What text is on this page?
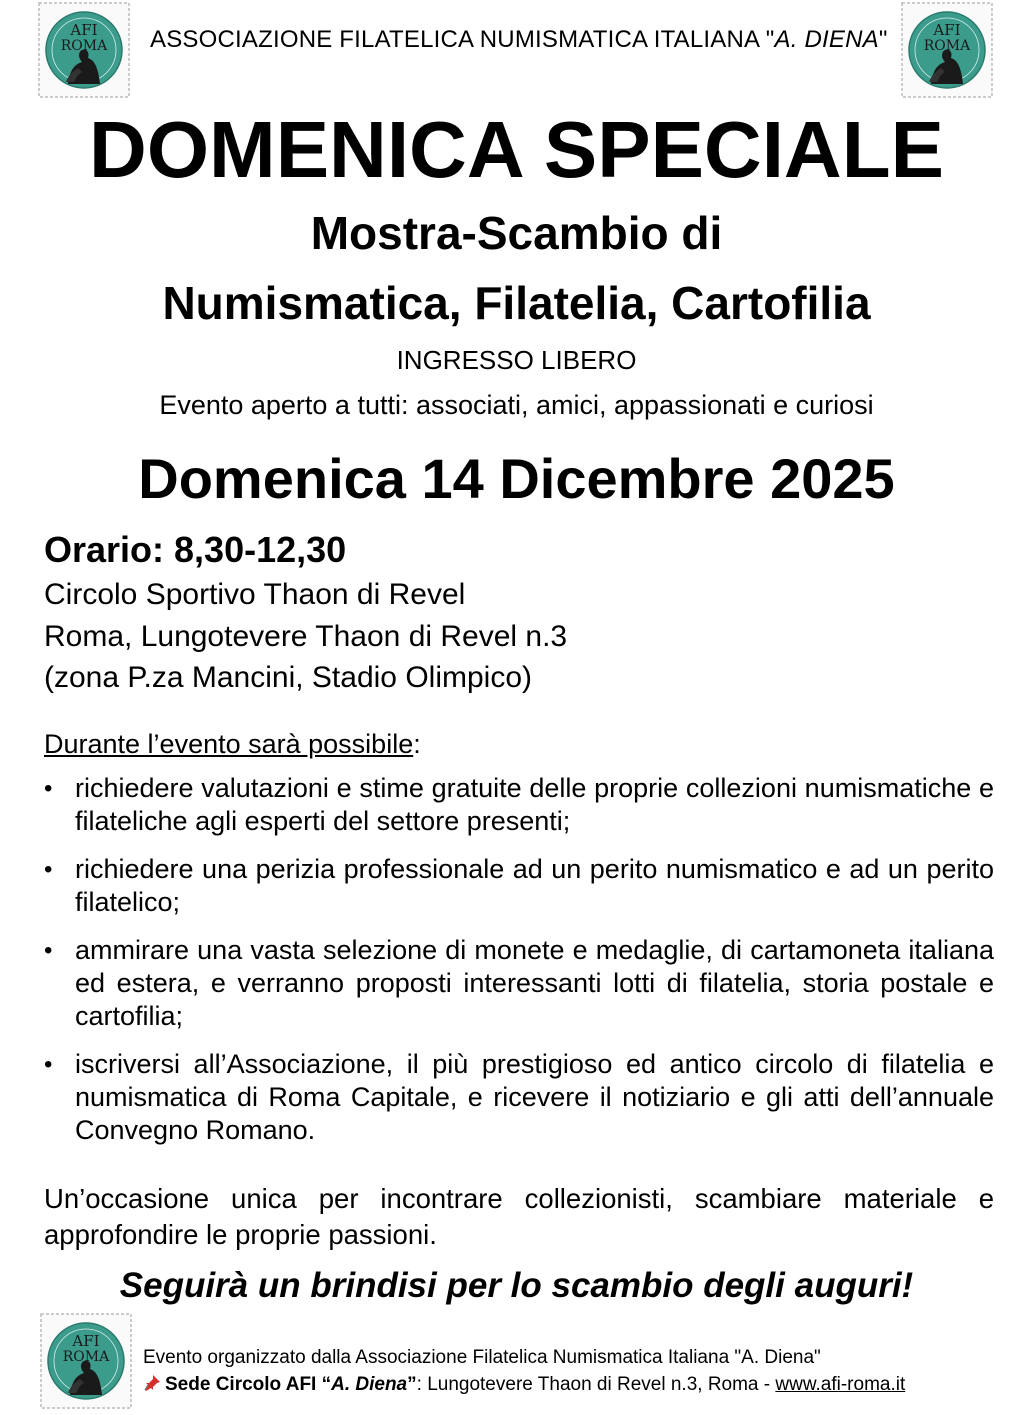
AFI
ROMA
AFI
ROMA
ASSOCIAZIONE FILATELICA NUMISMATICA ITALIANA "A. DIENA"
DOMENICA SPECIALE
Mostra-Scambio di
Numismatica, Filatelia, Cartofilia
INGRESSO LIBERO
Evento aperto a tutti: associati, amici, appassionati e curiosi
Domenica 14 Dicembre 2025
Orario: 8,30-12,30
Circolo Sportivo Thaon di Revel
Roma, Lungotevere Thaon di Revel n.3
(zona P.za Mancini, Stadio Olimpico)
Durante l’evento sarà possibile:
• richiedere valutazioni e stime gratuite delle proprie collezioni numismatiche e filateliche agli esperti del settore presenti;
• richiedere una perizia professionale ad un perito numismatico e ad un perito filatelico;
• ammirare una vasta selezione di monete e medaglie, di cartamoneta italiana ed estera, e verranno proposti interessanti lotti di filatelia, storia postale e cartofilia;
• iscriversi all’Associazione, il più prestigioso ed antico circolo di filatelia e numismatica di Roma Capitale, e ricevere il notiziario e gli atti dell’annuale Convegno Romano.
Un’occasione unica per incontrare collezionisti, scambiare materiale e approfondire le proprie passioni.
Seguirà un brindisi per lo scambio degli auguri!
AFI
ROMA Evento organizzato dalla Associazione Filatelica Numismatica Italiana "A. Diena"
Sede Circolo AFI “A. Diena”: Lungotevere Thaon di Revel n.3, Roma - www.afi-roma.it
